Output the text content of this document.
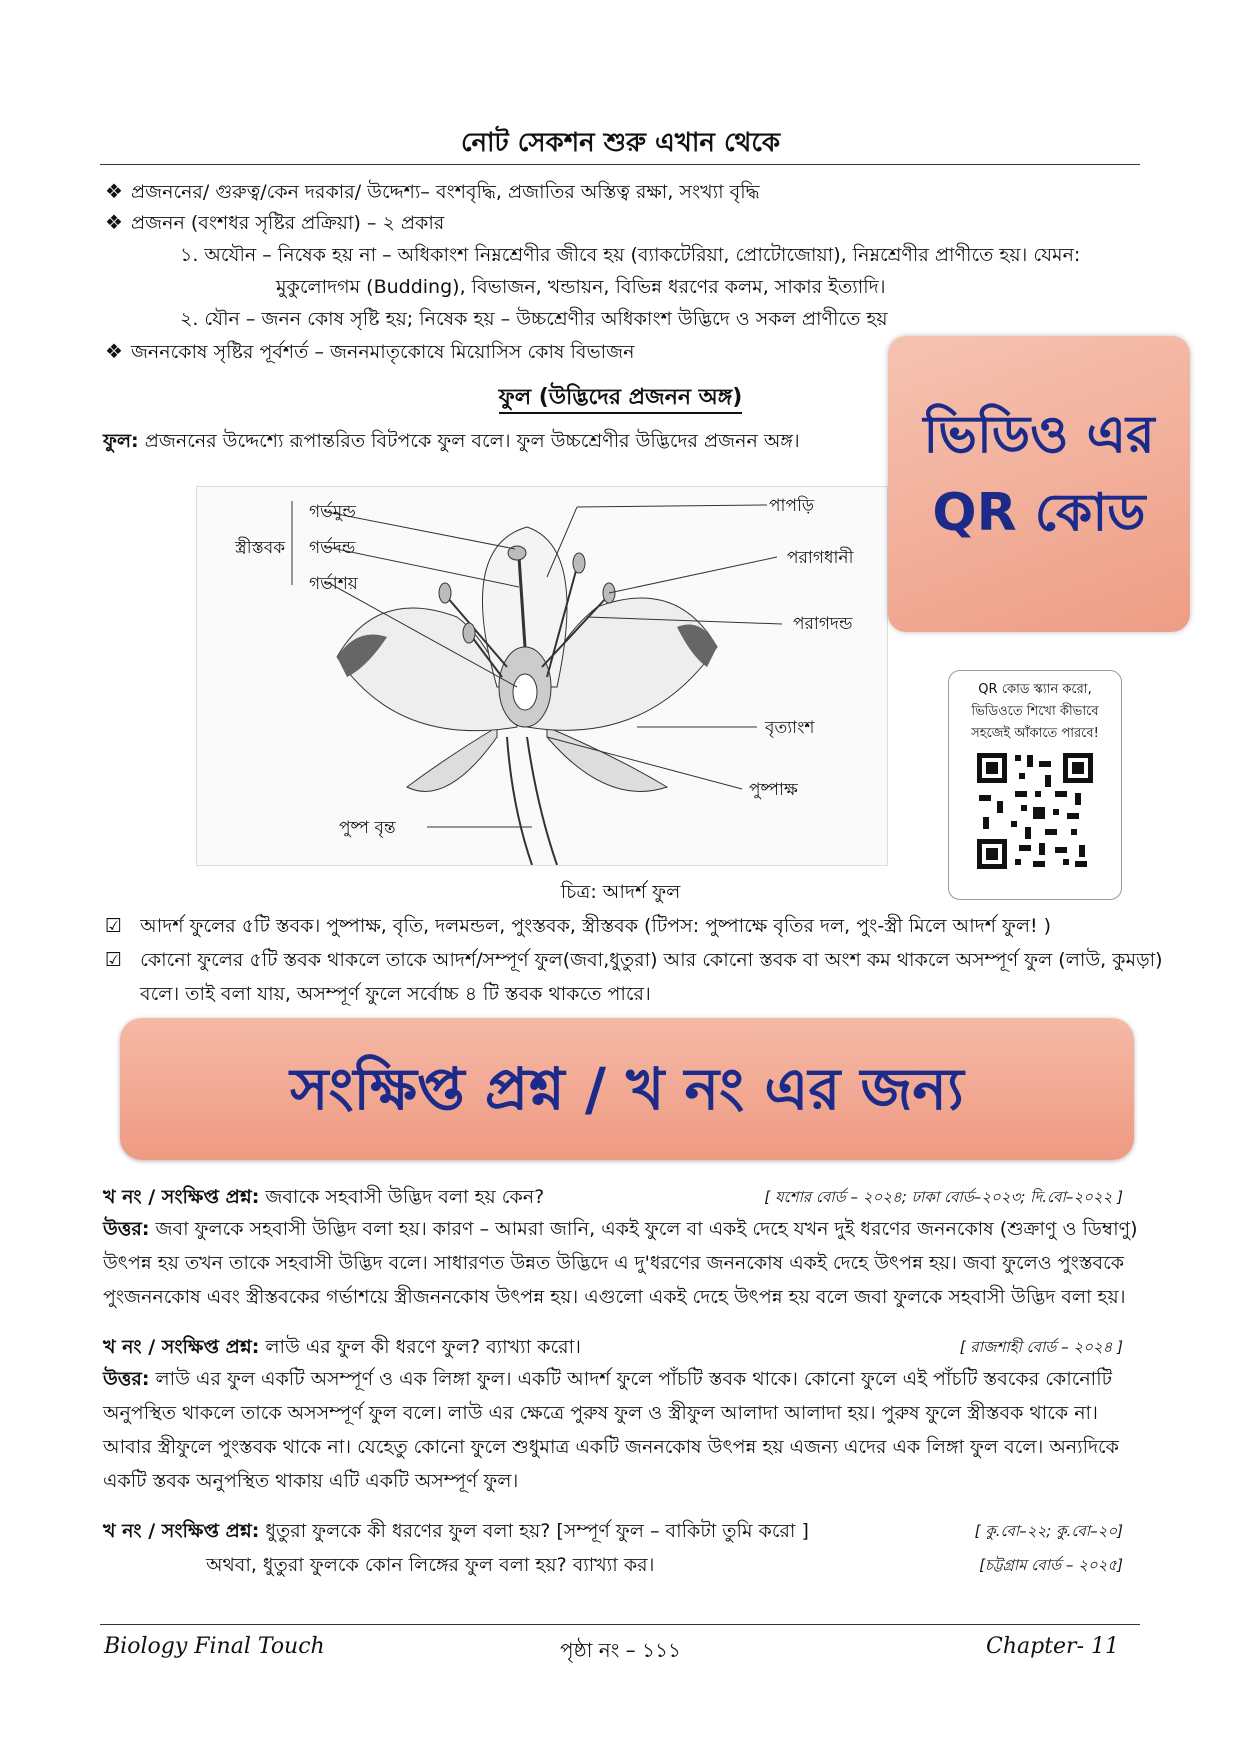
নোট সেকশন শুরু এখান থেকে
❖ প্রজননের/ গুরুত্ব/কেন দরকার/ উদ্দেশ্য– বংশবৃদ্ধি, প্রজাতির অস্তিত্ব রক্ষা, সংখ্যা বৃদ্ধি
❖ প্রজনন (বংশধর সৃষ্টির প্রক্রিয়া) – ২ প্রকার
১. অযৌন – নিষেক হয় না – অধিকাংশ নিম্নশ্রেণীর জীবে হয় (ব্যাকটেরিয়া, প্রোটোজোয়া), নিম্নশ্রেণীর প্রাণীতে হয়। যেমন:
মুকুলোদগম (Budding), বিভাজন, খন্ডায়ন, বিভিন্ন ধরণের কলম, সাকার ইত্যাদি।
২. যৌন – জনন কোষ সৃষ্টি হয়; নিষেক হয় – উচ্চশ্রেণীর অধিকাংশ উদ্ভিদে ও সকল প্রাণীতে হয়
❖ জননকোষ সৃষ্টির পূর্বশর্ত – জননমাতৃকোষে মিয়োসিস কোষ বিভাজন
ফুল (উদ্ভিদের প্রজনন অঙ্গ)
ফুল: প্রজননের উদ্দেশ্যে রূপান্তরিত বিটপকে ফুল বলে। ফুল উচ্চশ্রেণীর উদ্ভিদের প্রজনন অঙ্গ।
গর্ভমুন্ড
গর্ভদন্ড
গর্ভাশয়
স্ত্রীস্তবক
পাপড়ি
পরাগধানী
পরাগদন্ড
বৃত্যাংশ
পুষ্পাক্ষ
পুষ্প বৃন্ত
চিত্র: আদর্শ ফুল
ভিডিও এর
QR কোড
QR কোড স্ক্যান করো,
ভিডিওতে শিখো কীভাবে
সহজেই আঁকাতে পারবে!
☑ আদর্শ ফুলের ৫টি স্তবক। পুষ্পাক্ষ, বৃতি, দলমন্ডল, পুংস্তবক, স্ত্রীস্তবক (টিপস: পুষ্পাক্ষে বৃতির দল, পুং-স্ত্রী মিলে আদর্শ ফুল! )
☑ কোনো ফুলের ৫টি স্তবক থাকলে তাকে আদর্শ/সম্পূর্ণ ফুল(জবা,ধুতুরা) আর কোনো স্তবক বা অংশ কম থাকলে অসম্পূর্ণ ফুল (লাউ, কুমড়া)
বলে। তাই বলা যায়, অসম্পূর্ণ ফুলে সর্বোচ্চ ৪ টি স্তবক থাকতে পারে।
সংক্ষিপ্ত প্রশ্ন / খ নং এর জন্য
খ নং / সংক্ষিপ্ত প্রশ্ন: জবাকে সহবাসী উদ্ভিদ বলা হয় কেন?	[ যশোর বোর্ড – ২০২৪; ঢাকা বোর্ড–২০২৩; দি.বো–২০২২ ]
উত্তর: জবা ফুলকে সহবাসী উদ্ভিদ বলা হয়। কারণ – আমরা জানি, একই ফুলে বা একই দেহে যখন দুই ধরণের জননকোষ (শুক্রাণু ও ডিম্বাণু) উৎপন্ন হয় তখন তাকে সহবাসী উদ্ভিদ বলে। সাধারণত উন্নত উদ্ভিদে এ দু'ধরণের জননকোষ একই দেহে উৎপন্ন হয়। জবা ফুলেও পুংস্তবকে পুংজননকোষ এবং স্ত্রীস্তবকের গর্ভাশয়ে স্ত্রীজননকোষ উৎপন্ন হয়। এগুলো একই দেহে উৎপন্ন হয় বলে জবা ফুলকে সহবাসী উদ্ভিদ বলা হয়।
খ নং / সংক্ষিপ্ত প্রশ্ন: লাউ এর ফুল কী ধরণে ফুল? ব্যাখ্যা করো।	[ রাজশাহী বোর্ড – ২০২৪ ]
উত্তর: লাউ এর ফুল একটি অসম্পূর্ণ ও এক লিঙ্গা ফুল। একটি আদর্শ ফুলে পাঁচটি স্তবক থাকে। কোনো ফুলে এই পাঁচটি স্তবকের কোনোটি অনুপস্থিত থাকলে তাকে অসসম্পূর্ণ ফুল বলে। লাউ এর ক্ষেত্রে পুরুষ ফুল ও স্ত্রীফুল আলাদা আলাদা হয়। পুরুষ ফুলে স্ত্রীস্তবক থাকে না। আবার স্ত্রীফুলে পুংস্তবক থাকে না। যেহেতু কোনো ফুলে শুধুমাত্র একটি জননকোষ উৎপন্ন হয় এজন্য এদের এক লিঙ্গা ফুল বলে। অন্যদিকে একটি স্তবক অনুপস্থিত থাকায় এটি একটি অসম্পূর্ণ ফুল।
খ নং / সংক্ষিপ্ত প্রশ্ন: ধুতুরা ফুলকে কী ধরণের ফুল বলা হয়? [সম্পূর্ণ ফুল – বাকিটা তুমি করো ]	[ কু.বো–২২; কু.বো–২০]
অথবা, ধুতুরা ফুলকে কোন লিঙ্গের ফুল বলা হয়? ব্যাখ্যা কর।	[চট্টগ্রাম বোর্ড – ২০২৫]
Biology Final Touch	পৃষ্ঠা নং – ১১১	Chapter- 11
